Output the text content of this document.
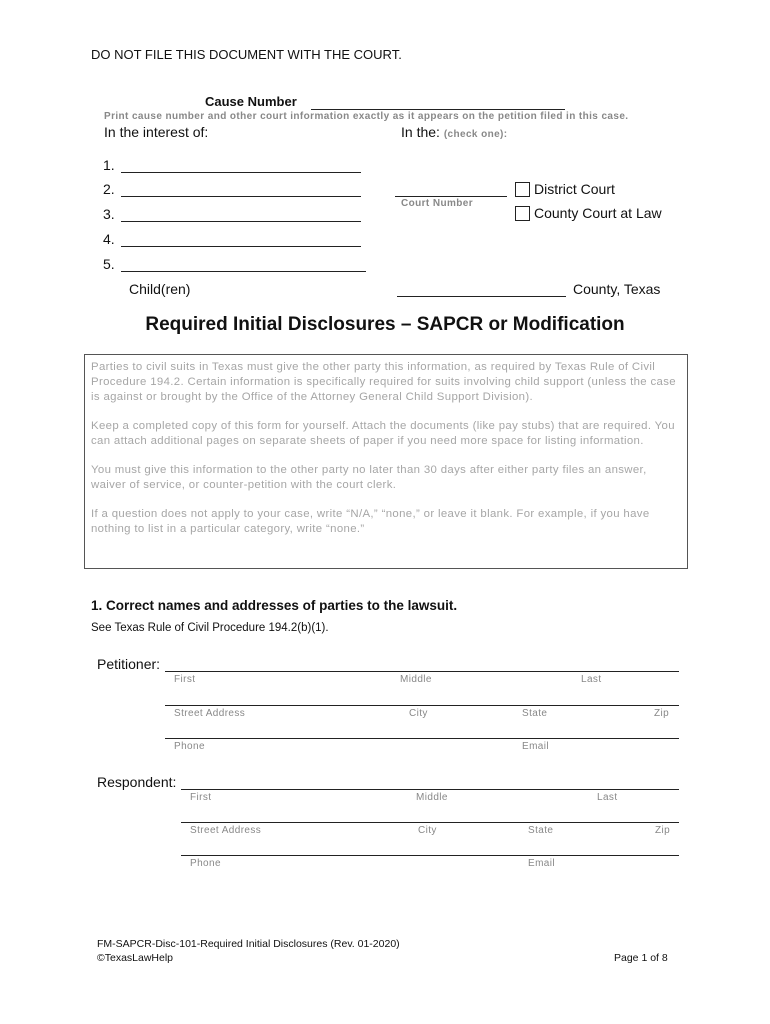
DO NOT FILE THIS DOCUMENT WITH THE COURT.
Cause Number
Print cause number and other court information exactly as it appears on the petition filed in this case.
In the interest of:	In the: (check one):
1.
2.
3.
4.
5.
Child(ren)
Court Number
District Court
County Court at Law
County, Texas
Required Initial Disclosures – SAPCR or Modification

Parties to civil suits in Texas must give the other party this information, as required by Texas Rule of Civil Procedure 194.2. Certain information is specifically required for suits involving child support (unless the case is against or brought by the Office of the Attorney General Child Support Division).

Keep a completed copy of this form for yourself. Attach the documents (like pay stubs) that are required. You can attach additional pages on separate sheets of paper if you need more space for listing information.

You must give this information to the other party no later than 30 days after either party files an answer, waiver of service, or counter-petition with the court clerk.

If a question does not apply to your case, write “N/A,” “none,” or leave it blank. For example, if you have nothing to list in a particular category, write “none.”

1. Correct names and addresses of parties to the lawsuit.
See Texas Rule of Civil Procedure 194.2(b)(1).
Petitioner:
First	Middle	Last
Street Address	City	State	Zip
Phone	Email
Respondent:
First	Middle	Last
Street Address	City	State	Zip
Phone	Email
FM-SAPCR-Disc-101-Required Initial Disclosures (Rev. 01-2020)
©TexasLawHelp	Page 1 of 8
